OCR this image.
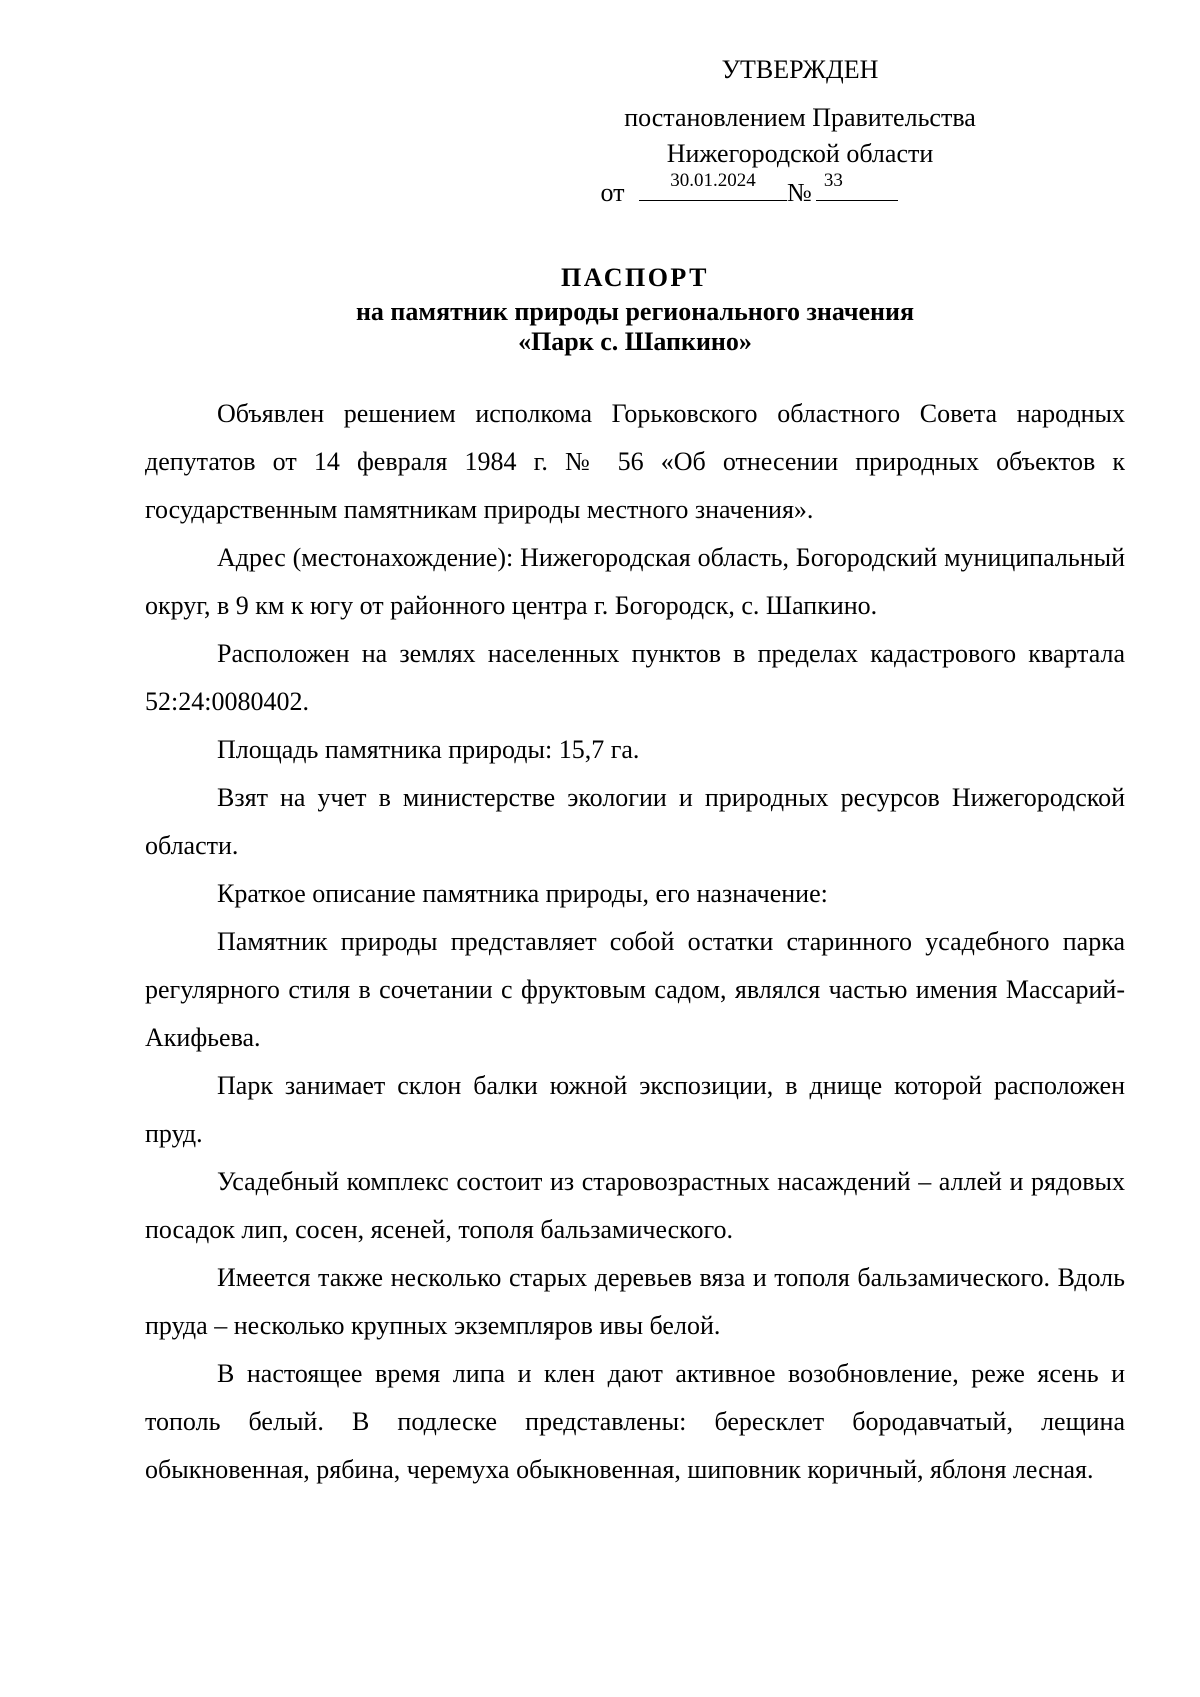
УТВЕРЖДЕН
постановлением Правительства
Нижегородской области
от	30.01.2024	№ 33
ПАСПОРТ
на памятник природы регионального значения
«Парк с. Шапкино»

Объявлен решением исполкома Горьковского областного Совета народных депутатов от 14 февраля 1984 г. № 56 «Об отнесении природных объектов к государственным памятникам природы местного значения».

Адрес (местонахождение): Нижегородская область, Богородский муниципальный округ, в 9 км к югу от районного центра г. Богородск, с. Шапкино.

Расположен на землях населенных пунктов в пределах кадастрового квартала 52:24:0080402.

Площадь памятника природы: 15,7 га.

Взят на учет в министерстве экологии и природных ресурсов Нижегородской области.

Краткое описание памятника природы, его назначение:

Памятник природы представляет собой остатки старинного усадебного парка регулярного стиля в сочетании с фруктовым садом, являлся частью имения Массарий-Акифьева.

Парк занимает склон балки южной экспозиции, в днище которой расположен пруд.

Усадебный комплекс состоит из старовозрастных насаждений – аллей и рядовых посадок лип, сосен, ясеней, тополя бальзамического.

Имеется также несколько старых деревьев вяза и тополя бальзамического. Вдоль пруда – несколько крупных экземпляров ивы белой.

В настоящее время липа и клен дают активное возобновление, реже ясень и тополь белый. В подлеске представлены: бересклет бородавчатый, лещина обыкновенная, рябина, черемуха обыкновенная, шиповник коричный, яблоня лесная.
